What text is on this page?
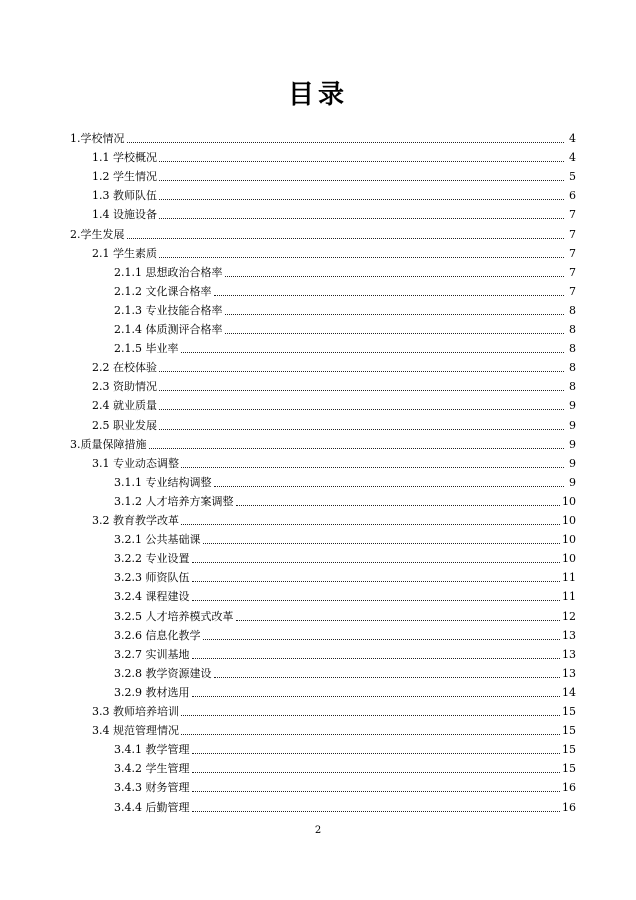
目录
1.学校情况	4
1.1 学校概况	4
1.2 学生情况	5
1.3 教师队伍	6
1.4 设施设备	7
2.学生发展	7
2.1 学生素质	7
2.1.1 思想政治合格率	7
2.1.2 文化课合格率	7
2.1.3 专业技能合格率	8
2.1.4 体质测评合格率	8
2.1.5 毕业率	8
2.2 在校体验	8
2.3 资助情况	8
2.4 就业质量	9
2.5 职业发展	9
3.质量保障措施	9
3.1 专业动态调整	9
3.1.1 专业结构调整	9
3.1.2 人才培养方案调整	10
3.2 教育教学改革	10
3.2.1 公共基础课	10
3.2.2 专业设置	10
3.2.3 师资队伍	11
3.2.4 课程建设	11
3.2.5 人才培养模式改革	12
3.2.6 信息化教学	13
3.2.7 实训基地	13
3.2.8 教学资源建设	13
3.2.9 教材选用	14
3.3 教师培养培训	15
3.4 规范管理情况	15
3.4.1 教学管理	15
3.4.2 学生管理	15
3.4.3 财务管理	16
3.4.4 后勤管理	16
2
